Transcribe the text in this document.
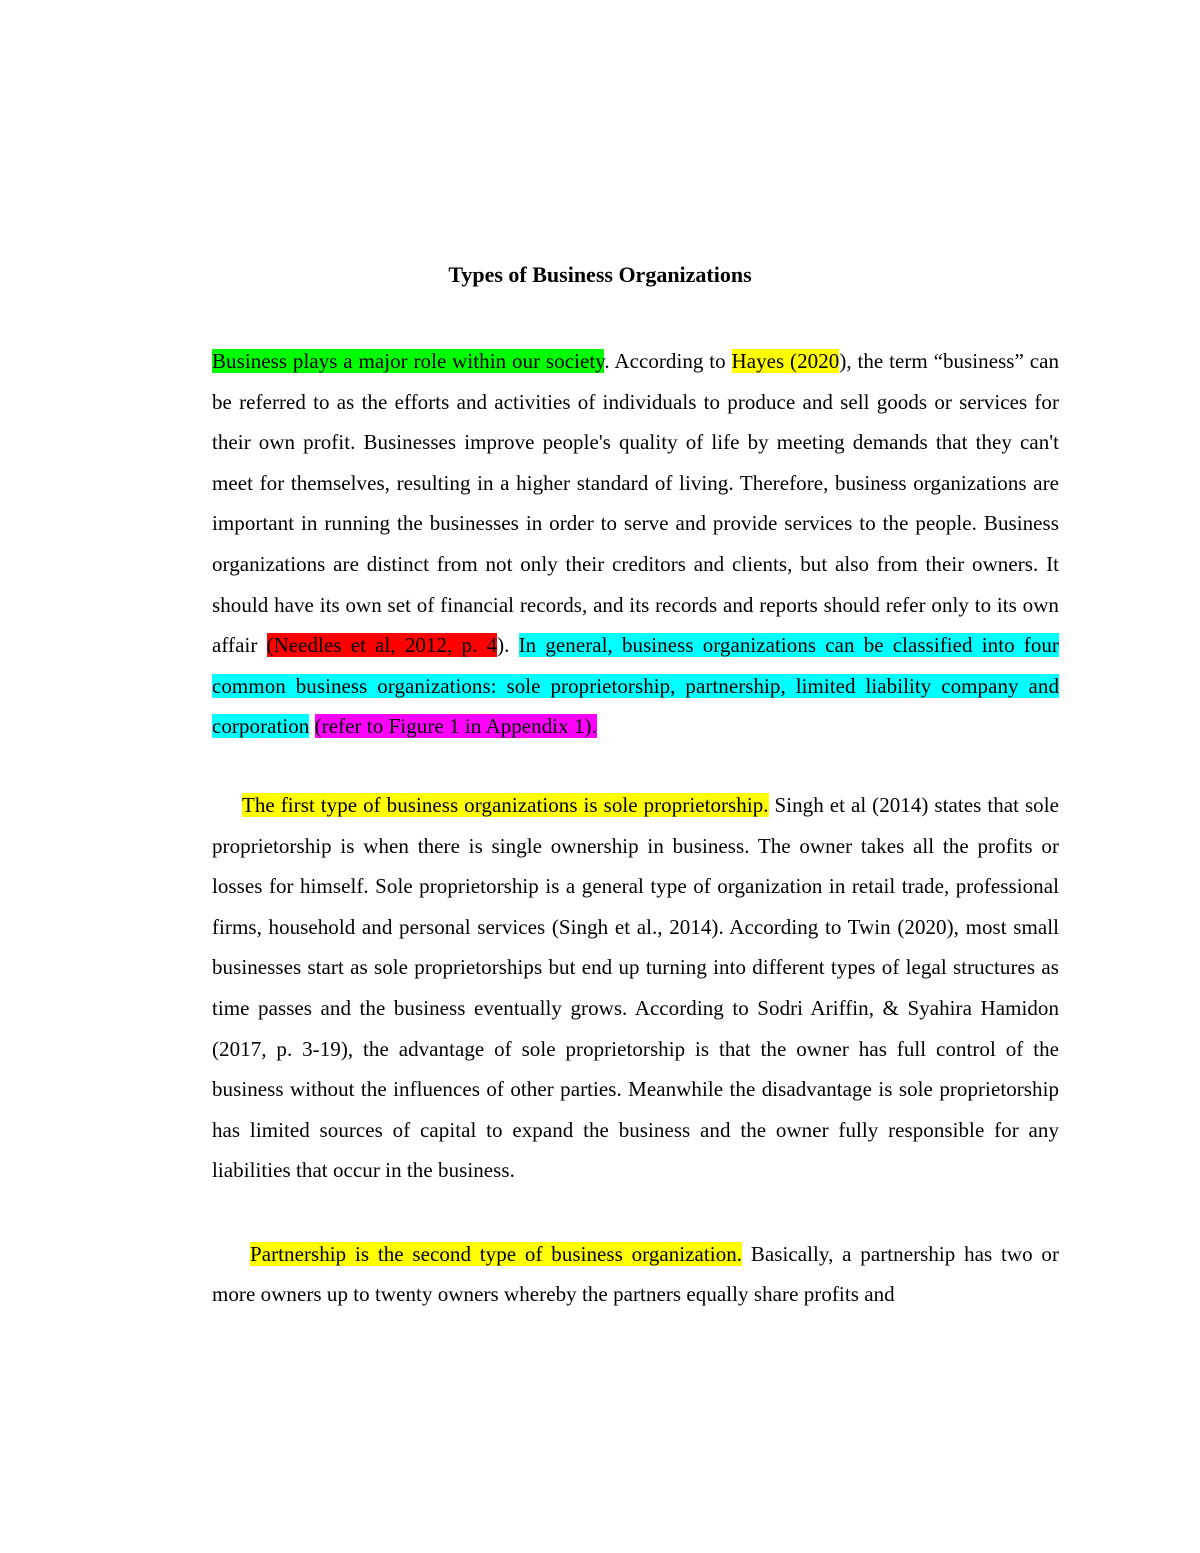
Types of Business Organizations

Business plays a major role within our society. According to Hayes (2020), the term “business” can be referred to as the efforts and activities of individuals to produce and sell goods or services for their own profit. Businesses improve people's quality of life by meeting demands that they can't meet for themselves, resulting in a higher standard of living. Therefore, business organizations are important in running the businesses in order to serve and provide services to the people. Business organizations are distinct from not only their creditors and clients, but also from their owners. It should have its own set of financial records, and its records and reports should refer only to its own affair (Needles et al, 2012, p. 4). In general, business organizations can be classified into four common business organizations: sole proprietorship, partnership, limited liability company and corporation (refer to Figure 1 in Appendix 1).

The first type of business organizations is sole proprietorship. Singh et al (2014) states that sole proprietorship is when there is single ownership in business. The owner takes all the profits or losses for himself. Sole proprietorship is a general type of organization in retail trade, professional firms, household and personal services (Singh et al., 2014). According to Twin (2020), most small businesses start as sole proprietorships but end up turning into different types of legal structures as time passes and the business eventually grows. According to Sodri Ariffin, & Syahira Hamidon (2017, p. 3-19), the advantage of sole proprietorship is that the owner has full control of the business without the influences of other parties. Meanwhile the disadvantage is sole proprietorship has limited sources of capital to expand the business and the owner fully responsible for any liabilities that occur in the business.

Partnership is the second type of business organization. Basically, a partnership has two or more owners up to twenty owners whereby the partners equally share profits and
